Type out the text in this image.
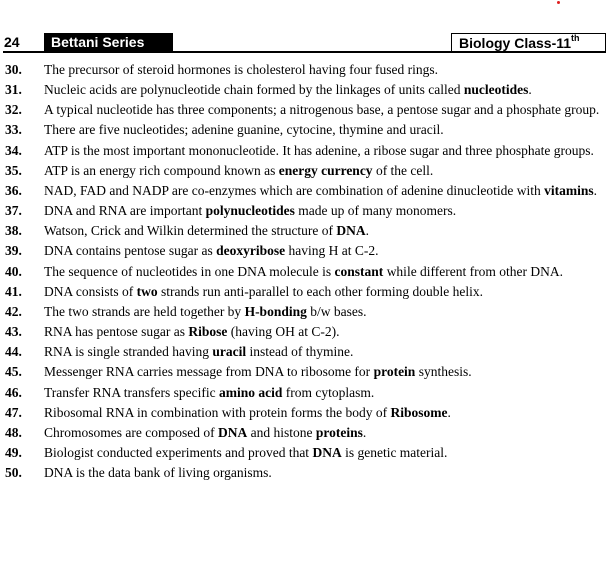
24	Bettani Series	Biology Class-11th
30. The precursor of steroid hormones is cholesterol having four fused rings.
31. Nucleic acids are polynucleotide chain formed by the linkages of units called nucleotides.
32. A typical nucleotide has three components; a nitrogenous base, a pentose sugar and a phosphate group.
33. There are five nucleotides; adenine guanine, cytocine, thymine and uracil.
34. ATP is the most important mononucleotide. It has adenine, a ribose sugar and three phosphate groups.
35. ATP is an energy rich compound known as energy currency of the cell.
36. NAD, FAD and NADP are co-enzymes which are combination of adenine dinucleotide with vitamins.
37. DNA and RNA are important polynucleotides made up of many monomers.
38. Watson, Crick and Wilkin determined the structure of DNA.
39. DNA contains pentose sugar as deoxyribose having H at C-2.
40. The sequence of nucleotides in one DNA molecule is constant while different from other DNA.
41. DNA consists of two strands run anti-parallel to each other forming double helix.
42. The two strands are held together by H-bonding b/w bases.
43. RNA has pentose sugar as Ribose (having OH at C-2).
44. RNA is single stranded having uracil instead of thymine.
45. Messenger RNA carries message from DNA to ribosome for protein synthesis.
46. Transfer RNA transfers specific amino acid from cytoplasm.
47. Ribosomal RNA in combination with protein forms the body of Ribosome.
48. Chromosomes are composed of DNA and histone proteins.
49. Biologist conducted experiments and proved that DNA is genetic material.
50. DNA is the data bank of living organisms.
